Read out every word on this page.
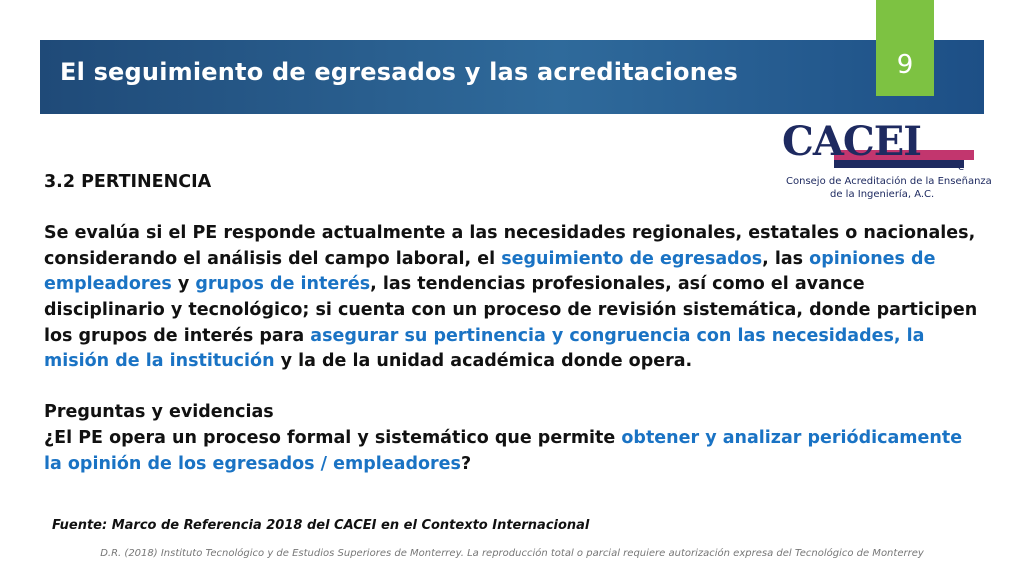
El seguimiento de egresados y las acreditaciones	9
CACEI
e
Consejo de Acreditación de la Enseñanza
de la Ingeniería, A.C.

3.2 PERTINENCIA

Se evalúa si el PE responde actualmente a las necesidades regionales, estatales o nacionales, considerando el análisis del campo laboral, el seguimiento de egresados, las opiniones de empleadores y grupos de interés, las tendencias profesionales, así como el avance disciplinario y tecnológico; si cuenta con un proceso de revisión sistemática, donde participen los grupos de interés para asegurar su pertinencia y congruencia con las necesidades, la misión de la institución y la de la unidad académica donde opera.

Preguntas y evidencias

¿El PE opera un proceso formal y sistemático que permite obtener y analizar periódicamente la opinión de los egresados / empleadores?

Fuente: Marco de Referencia 2018 del CACEI en el Contexto Internacional
D.R. (2018) Instituto Tecnológico y de Estudios Superiores de Monterrey. La reproducción total o parcial requiere autorización expresa del Tecnológico de Monterrey
